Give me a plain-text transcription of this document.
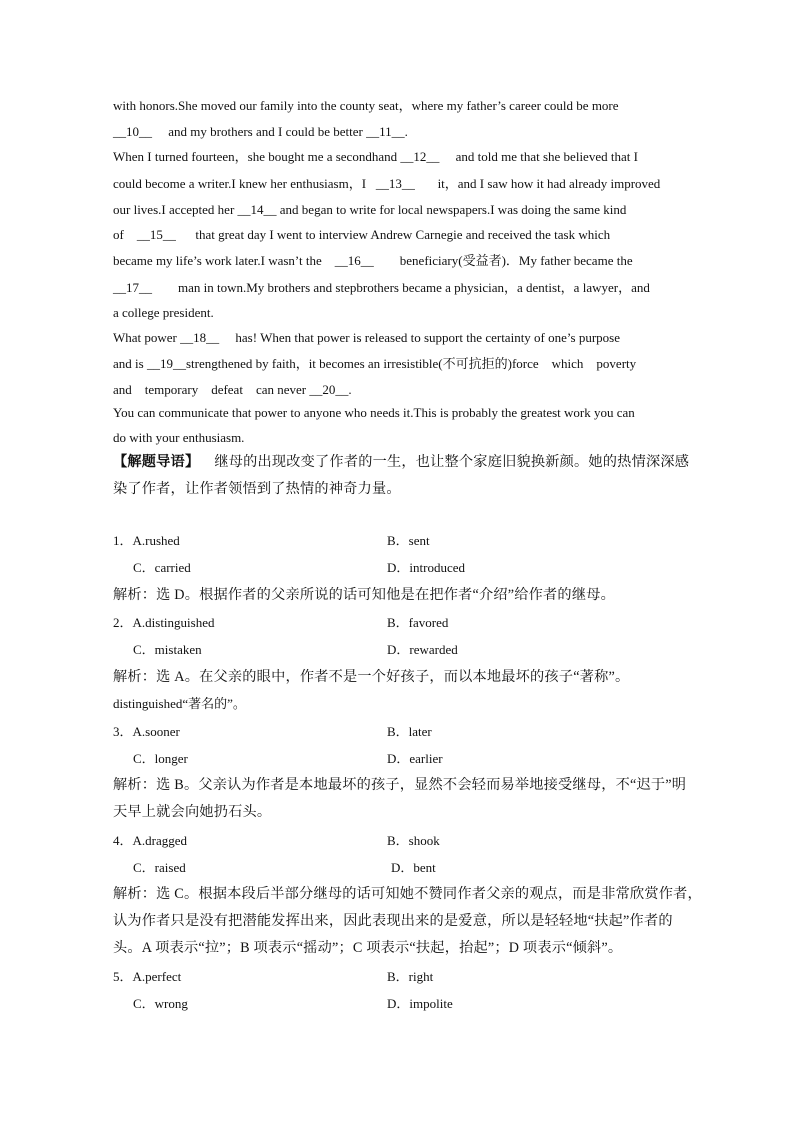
with honors.She moved our family into the county seat，where my father’s career could be more
__10__ and my brothers and I could be better __11__.
When I turned fourteen，she bought me a secondhand __12__     and told me that she believed that I
could become a writer.I knew her enthusiasm，I   __13__       it，and I saw how it had already improved
our lives.I accepted her __14__ and began to write for local newspapers.I was doing the same kind
of    __15__      that great day I went to interview Andrew Carnegie and received the task which
became my life’s work later.I wasn’t the    __16__        beneficiary(受益者)．My father became the
__17__        man in town.My brothers and stepbrothers became a physician，a dentist，a lawyer，and
a college president.
What power __18__     has! When that power is released to support the certainty of one’s purpose
and is __19__strengthened by faith，it becomes an irresistible(不可抗拒的)force    which    poverty
and    temporary    defeat    can never __20__.
You can communicate that power to anyone who needs it.This is probably the greatest work you can
do with your enthusiasm.
【解题导语】 继母的出现改变了作者的一生，也让整个家庭旧貌换新颜。她的热情深深感
染了作者，让作者领悟到了热情的神奇力量。
1．A.rushed	B．sent
C．carried	D．introduced
解析：选 D。根据作者的父亲所说的话可知他是在把作者“介绍”给作者的继母。
2．A.distinguished	B．favored
C．mistaken	D．rewarded
解析：选 A。在父亲的眼中，作者不是一个好孩子，而以本地最坏的孩子“著称”。
distinguished“著名的”。
3．A.sooner	B．later
C．longer	D．earlier
解析：选 B。父亲认为作者是本地最坏的孩子，显然不会轻而易举地接受继母，不“迟于”明
天早上就会向她扔石头。
4．A.dragged	B．shook
C．raised	D．bent
解析：选 C。根据本段后半部分继母的话可知她不赞同作者父亲的观点，而是非常欣赏作者，
认为作者只是没有把潜能发挥出来，因此表现出来的是爱意，所以是轻轻地“扶起”作者的
头。A 项表示“拉”；B 项表示“摇动”；C 项表示“扶起，抬起”；D 项表示“倾斜”。
5．A.perfect	B．right
C．wrong	D．impolite
